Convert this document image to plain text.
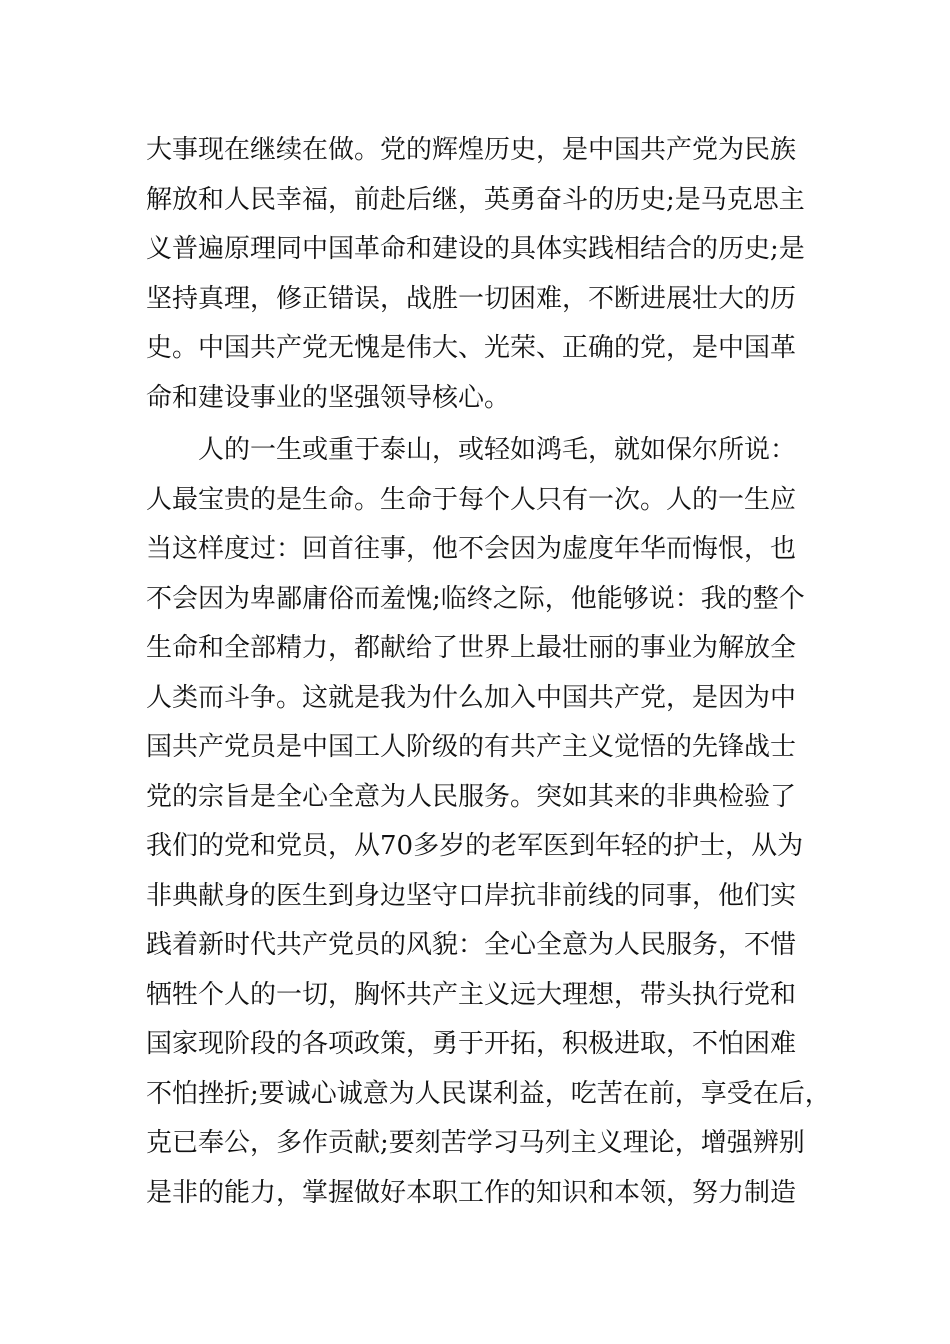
大事现在继续在做。党的辉煌历史，是中国共产党为民族
解放和人民幸福，前赴后继，英勇奋斗的历史;是马克思主
义普遍原理同中国革命和建设的具体实践相结合的历史;是
坚持真理，修正错误，战胜一切困难，不断进展壮大的历
史。中国共产党无愧是伟大、光荣、正确的党，是中国革
命和建设事业的坚强领导核心。
　　人的一生或重于泰山，或轻如鸿毛，就如保尔所说：
人最宝贵的是生命。生命于每个人只有一次。人的一生应
当这样度过：回首往事，他不会因为虚度年华而悔恨，也
不会因为卑鄙庸俗而羞愧;临终之际，他能够说：我的整个
生命和全部精力，都献给了世界上最壮丽的事业为解放全
人类而斗争。这就是我为什么加入中国共产党，是因为中
国共产党员是中国工人阶级的有共产主义觉悟的先锋战士
党的宗旨是全心全意为人民服务。突如其来的非典检验了
我们的党和党员，从70多岁的老军医到年轻的护士，从为
非典献身的医生到身边坚守口岸抗非前线的同事，他们实
践着新时代共产党员的风貌：全心全意为人民服务，不惜
牺牲个人的一切，胸怀共产主义远大理想，带头执行党和
国家现阶段的各项政策，勇于开拓，积极进取，不怕困难
不怕挫折;要诚心诚意为人民谋利益，吃苦在前，享受在后，
克已奉公，多作贡献;要刻苦学习马列主义理论，增强辨别
是非的能力，掌握做好本职工作的知识和本领，努力制造
